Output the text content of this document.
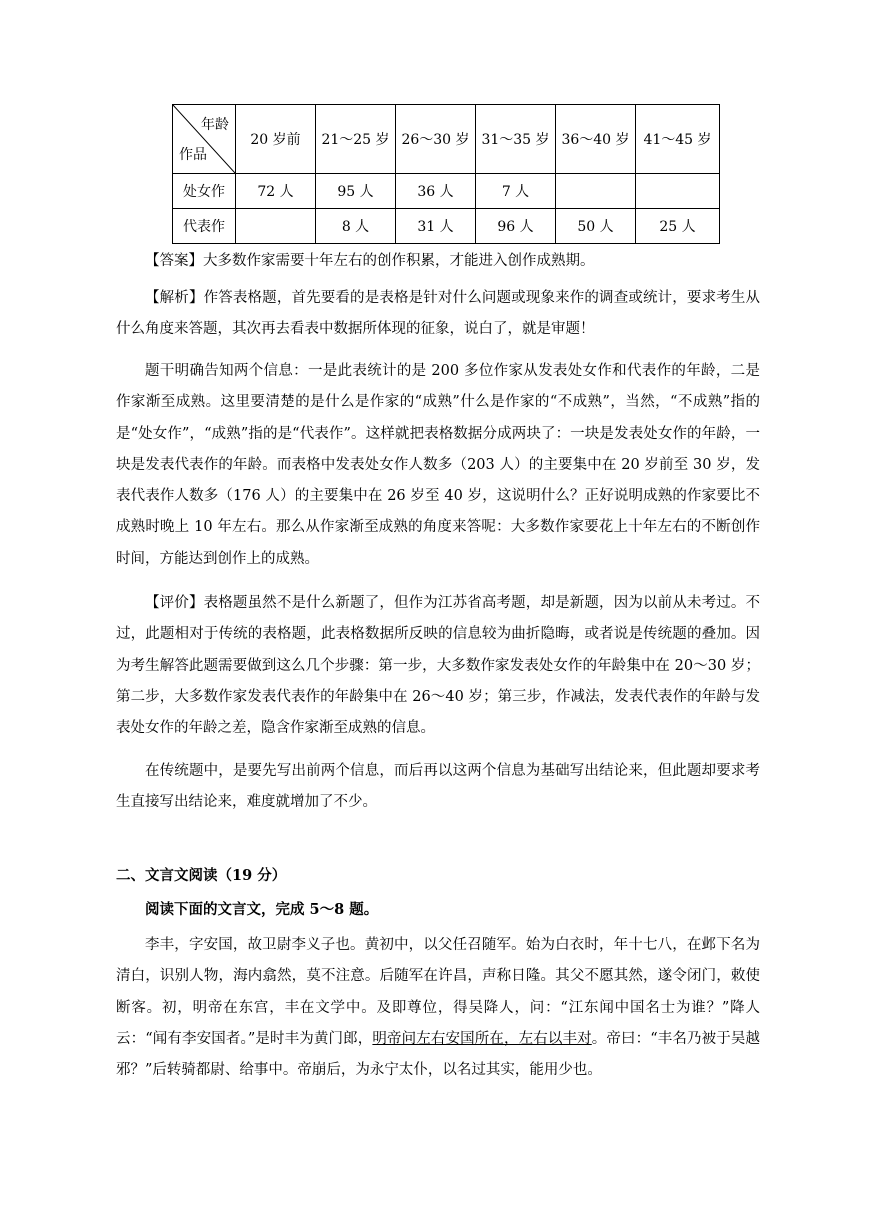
年龄
作品	20 岁前	21～25 岁	26～30 岁	31～35 岁	36～40 岁	41～45 岁
处女作	72 人	95 人	36 人	7 人		
代表作		8 人	31 人	96 人	50 人	25 人

【答案】大多数作家需要十年左右的创作积累，才能进入创作成熟期。

【解析】作答表格题，首先要看的是表格是针对什么问题或现象来作的调查或统计，要求考生从什么角度来答题，其次再去看表中数据所体现的征象，说白了，就是审题！

题干明确告知两个信息：一是此表统计的是 200 多位作家从发表处女作和代表作的年龄，二是作家渐至成熟。这里要清楚的是什么是作家的“成熟”什么是作家的“不成熟”，当然，“不成熟”指的是“处女作”，“成熟”指的是“代表作”。这样就把表格数据分成两块了：一块是发表处女作的年龄，一块是发表代表作的年龄。而表格中发表处女作人数多（203 人）的主要集中在 20 岁前至 30 岁，发表代表作人数多（176 人）的主要集中在 26 岁至 40 岁，这说明什么？正好说明成熟的作家要比不成熟时晚上 10 年左右。那么从作家渐至成熟的角度来答呢：大多数作家要花上十年左右的不断创作时间，方能达到创作上的成熟。

【评价】表格题虽然不是什么新题了，但作为江苏省高考题，却是新题，因为以前从未考过。不过，此题相对于传统的表格题，此表格数据所反映的信息较为曲折隐晦，或者说是传统题的叠加。因为考生解答此题需要做到这么几个步骤：第一步，大多数作家发表处女作的年龄集中在 20～30 岁；第二步，大多数作家发表代表作的年龄集中在 26～40 岁；第三步，作减法，发表代表作的年龄与发表处女作的年龄之差，隐含作家渐至成熟的信息。

在传统题中，是要先写出前两个信息，而后再以这两个信息为基础写出结论来，但此题却要求考生直接写出结论来，难度就增加了不少。

二、文言文阅读（19 分）

阅读下面的文言文，完成 5～8 题。

李丰，字安国，故卫尉李义子也。黄初中，以父任召随军。始为白衣时，年十七八，在邺下名为清白，识别人物，海内翕然，莫不注意。后随军在许昌，声称日隆。其父不愿其然，遂令闭门，敕使断客。初，明帝在东宫，丰在文学中。及即尊位，得吴降人，问：“江东闻中国名士为谁？”降人云：“闻有李安国者。”是时丰为黄门郎，明帝问左右安国所在，左右以丰对。帝曰：“丰名乃被于吴越邪？”后转骑都尉、给事中。帝崩后，为永宁太仆，以名过其实，能用少也。
